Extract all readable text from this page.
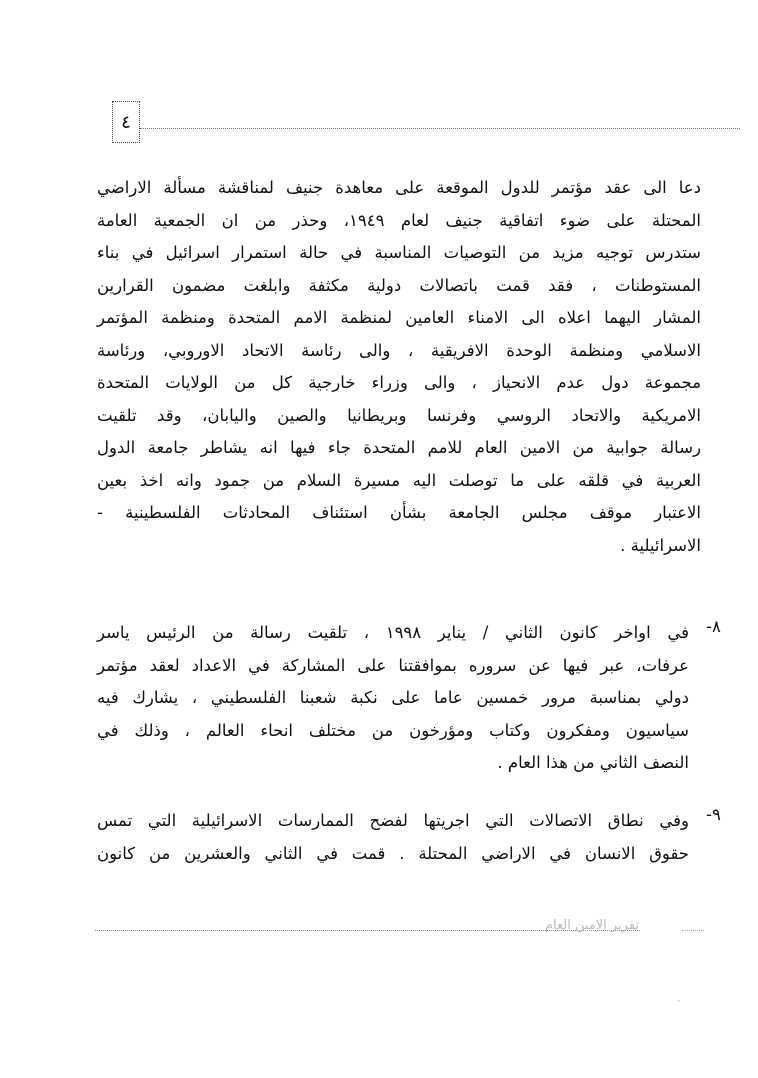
٤
دعا الى عقد مؤتمر للدول الموقعة على معاهدة جنيف لمناقشة مسألة الاراضي
المحتلة على ضوء اتفاقية جنيف لعام ١٩٤٩، وحذر من ان الجمعية العامة
ستدرس توجيه مزيد من التوصيات المناسبة في حالة استمرار اسرائيل في بناء
المستوطنات ، فقد قمت باتصالات دولية مكثفة وابلغت مضمون القرارين
المشار اليهما اعلاه الى الامناء العامين لمنظمة الامم المتحدة ومنظمة المؤتمر
الاسلامي ومنظمة الوحدة الافريقية ، والى رئاسة الاتحاد الاوروبي، ورئاسة
مجموعة دول عدم الانحياز ، والى وزراء خارجية كل من الولايات المتحدة
الامريكية والاتحاد الروسي وفرنسا وبريطانيا والصين واليابان، وقد تلقيت
رسالة جوابية من الامين العام للامم المتحدة جاء فيها انه يشاطر جامعة الدول
العربية في قلقه على ما توصلت اليه مسيرة السلام من جمود وانه اخذ بعين
الاعتبار موقف مجلس الجامعة بشأن استئناف المحادثات الفلسطينية -
الاسرائيلية .
٨-
في اواخر كانون الثاني / يناير ١٩٩٨ ، تلقيت رسالة من الرئيس ياسر
عرفات، عبر فيها عن سروره بموافقتنا على المشاركة في الاعداد لعقد مؤتمر
دولي بمناسبة مرور خمسين عاما على نكبة شعبنا الفلسطيني ، يشارك فيه
سياسيون ومفكرون وكتاب ومؤرخون من مختلف انحاء العالم ، وذلك في
النصف الثاني من هذا العام .
٩-
وفي نطاق الاتصالات التي اجريتها لفضح الممارسات الاسرائيلية التي تمس
حقوق الانسان في الاراضي المحتلة . قمت في الثاني والعشرين من كانون
تقرير الامين العام
ˏ
